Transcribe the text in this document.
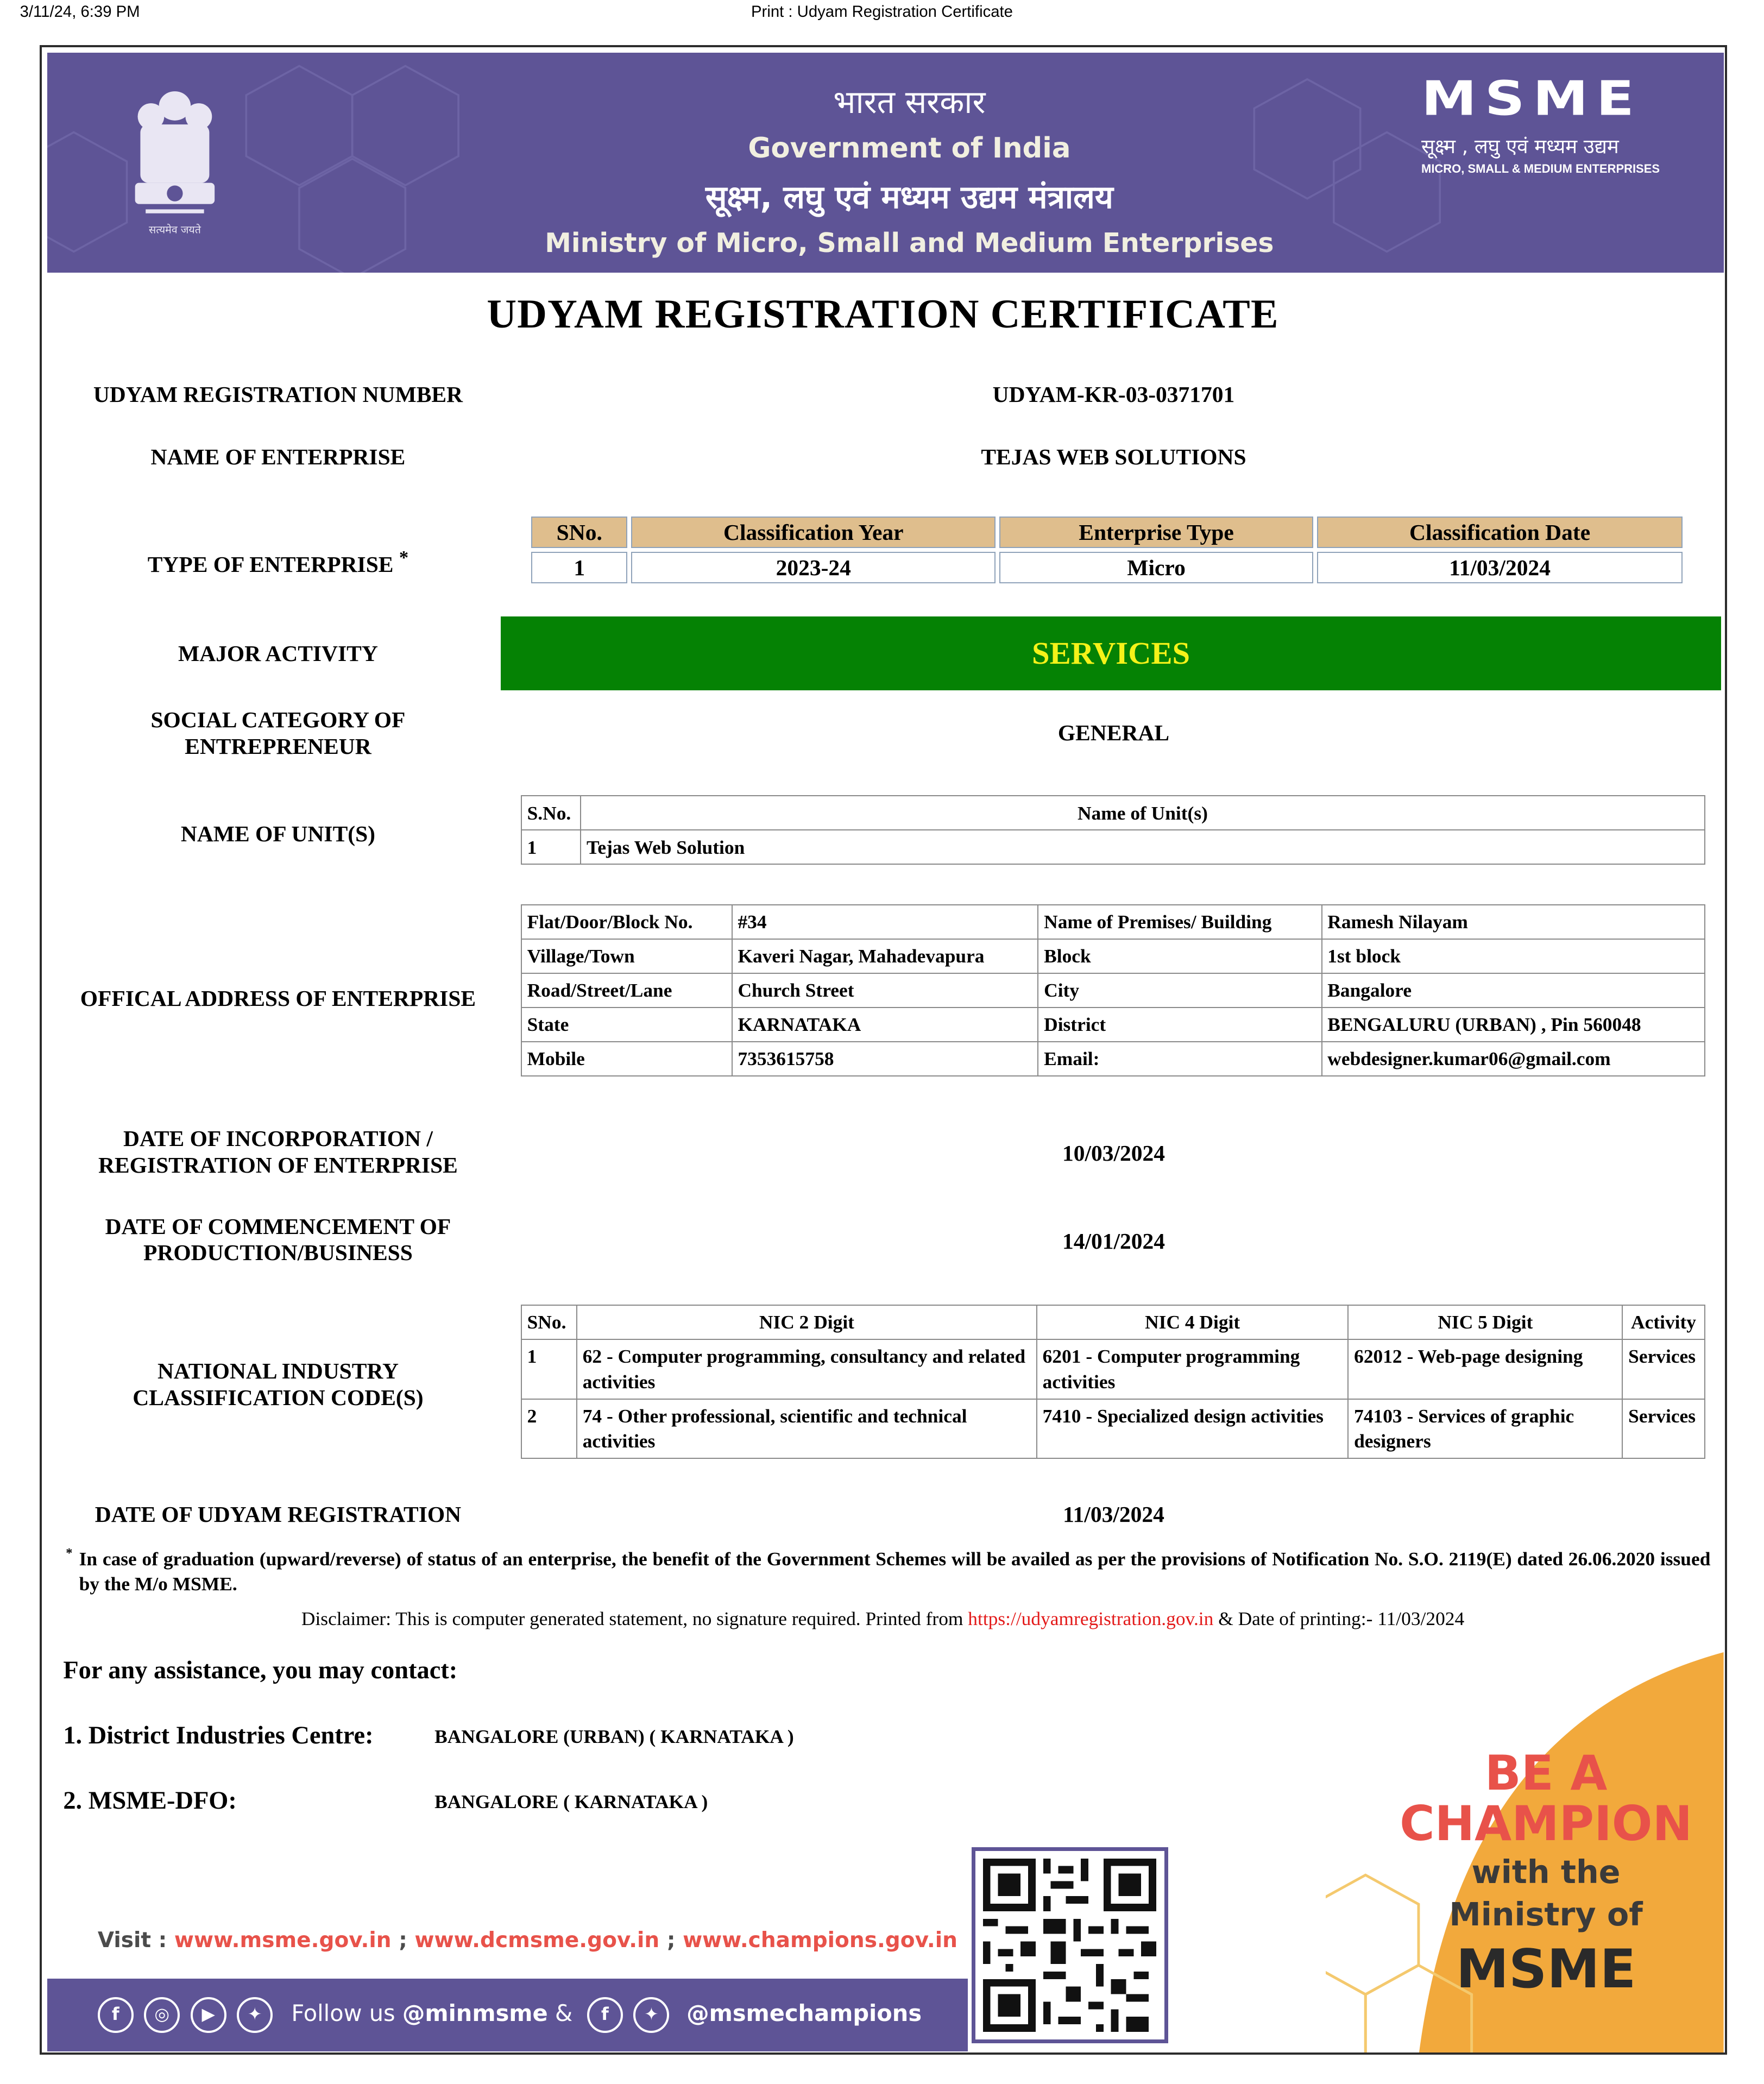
3/11/24, 6:39 PM	Print : Udyam Registration Certificate
सत्यमेव जयते
भारत सरकार
Government of India
सूक्ष्म, लघु एवं मध्यम उद्यम मंत्रालय
Ministry of Micro, Small and Medium Enterprises
MSME
सूक्ष्म , लघु एवं मध्यम उद्यम
MICRO, SMALL & MEDIUM ENTERPRISES
UDYAM REGISTRATION CERTIFICATE
UDYAM REGISTRATION NUMBER	UDYAM-KR-03-0371701
NAME OF ENTERPRISE	TEJAS WEB SOLUTIONS
TYPE OF ENTERPRISE *
SNo.	Classification Year	Enterprise Type	Classification Date
1	2023-24	Micro	11/03/2024
MAJOR ACTIVITY	SERVICES
SOCIAL CATEGORY OF
ENTREPRENEUR
GENERAL
NAME OF UNIT(S)
S.No.	Name of Unit(s)
1	Tejas Web Solution
OFFICAL ADDRESS OF ENTERPRISE
Flat/Door/Block No.	#34	Name of Premises/ Building	Ramesh Nilayam
Village/Town	Kaveri Nagar, Mahadevapura	Block	1st block
Road/Street/Lane	Church Street	City	Bangalore
State	KARNATAKA	District	BENGALURU (URBAN) , Pin 560048
Mobile	7353615758	Email:	webdesigner.kumar06@gmail.com
DATE OF INCORPORATION /
REGISTRATION OF ENTERPRISE	10/03/2024
DATE OF COMMENCEMENT OF
PRODUCTION/BUSINESS	14/01/2024
NATIONAL INDUSTRY
CLASSIFICATION CODE(S)
SNo.	NIC 2 Digit	NIC 4 Digit	NIC 5 Digit	Activity
1	62 - Computer programming, consultancy and related activities	6201 - Computer programming activities	62012 - Web-page designing	Services
2	74 - Other professional, scientific and technical activities	7410 - Specialized design activities	74103 - Services of graphic designers	Services
DATE OF UDYAM REGISTRATION	11/03/2024
* In case of graduation (upward/reverse) of status of an enterprise, the benefit of the Government Schemes will be availed as per the provisions of Notification No. S.O. 2119(E) dated 26.06.2020 issued by the M/o MSME.
Disclaimer: This is computer generated statement, no signature required. Printed from https://udyamregistration.gov.in & Date of printing:- 11/03/2024
For any assistance, you may contact:
1. District Industries Centre:	BANGALORE (URBAN) ( KARNATAKA )
2. MSME-DFO:	BANGALORE ( KARNATAKA )
BE A
CHAMPION
with the
Ministry of
MSME
Visit : www.msme.gov.in ; www.dcmsme.gov.in ; www.champions.gov.in
f	◎	▶	✦	Follow us @minmsme &	f	✦	@msmechampions
